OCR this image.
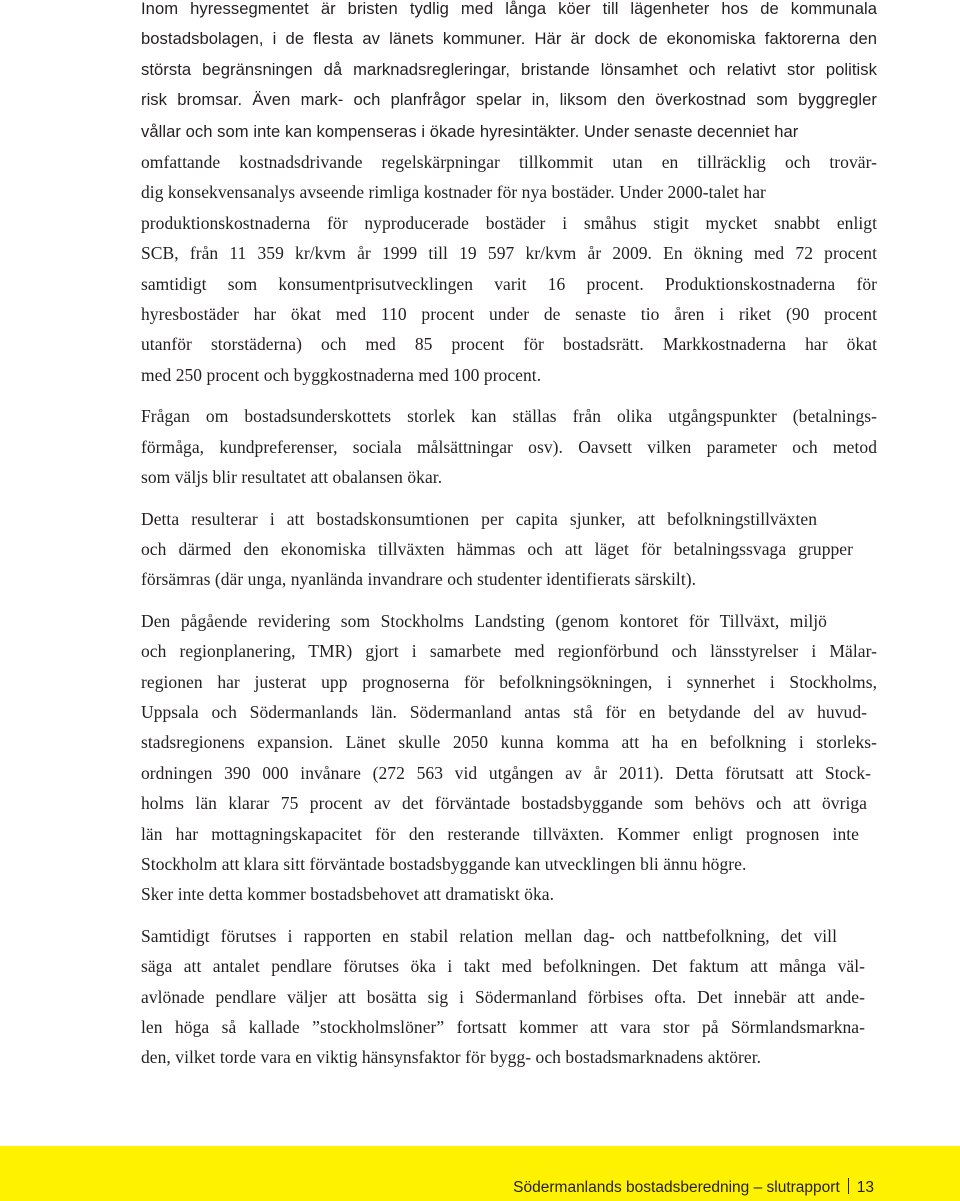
Inom hyressegmentet är bristen tydlig med långa köer till lägenheter hos de kommunala
bostadsbolagen, i de flesta av länets kommuner. Här är dock de ekonomiska faktorerna den
största begränsningen då marknadsregleringar, bristande lönsamhet och relativt stor politisk
risk bromsar. Även mark- och planfrågor spelar in, liksom den överkostnad som byggregler
vållar och som inte kan kompenseras i ökade hyresintäkter. Under senaste decenniet har
omfattande kostnadsdrivande regelskärpningar tillkommit utan en tillräcklig och trovär-
dig konsekvensanalys avseende rimliga kostnader för nya bostäder. Under 2000-talet har
produktionskostnaderna för nyproducerade bostäder i småhus stigit mycket snabbt enligt
SCB, från 11 359 kr/kvm år 1999 till 19 597 kr/kvm år 2009. En ökning med 72 procent
samtidigt som konsumentprisutvecklingen varit 16 procent. Produktionskostnaderna för
hyresbostäder har ökat med 110 procent under de senaste tio åren i riket (90 procent
utanför storstäderna) och med 85 procent för bostadsrätt. Markkostnaderna har ökat
med 250 procent och byggkostnaderna med 100 procent.

Frågan om bostadsunderskottets storlek kan ställas från olika utgångspunkter (betalnings-
förmåga, kundpreferenser, sociala målsättningar osv). Oavsett vilken parameter och metod
som väljs blir resultatet att obalansen ökar.

Detta resulterar i att bostadskonsumtionen per capita sjunker, att befolkningstillväxten
och därmed den ekonomiska tillväxten hämmas och att läget för betalningssvaga grupper
försämras (där unga, nyanlända invandrare och studenter identifierats särskilt).

Den pågående revidering som Stockholms Landsting (genom kontoret för Tillväxt, miljö
och regionplanering, TMR) gjort i samarbete med regionförbund och länsstyrelser i Mälar-
regionen har justerat upp prognoserna för befolkningsökningen, i synnerhet i Stockholms,
Uppsala och Södermanlands län. Södermanland antas stå för en betydande del av huvud-
stadsregionens expansion. Länet skulle 2050 kunna komma att ha en befolkning i storleks-
ordningen 390 000 invånare (272 563 vid utgången av år 2011). Detta förutsatt att Stock-
holms län klarar 75 procent av det förväntade bostadsbyggande som behövs och att övriga
län har mottagningskapacitet för den resterande tillväxten. Kommer enligt prognosen inte
Stockholm att klara sitt förväntade bostadsbyggande kan utvecklingen bli ännu högre.
Sker inte detta kommer bostadsbehovet att dramatiskt öka.

Samtidigt förutses i rapporten en stabil relation mellan dag- och nattbefolkning, det vill
säga att antalet pendlare förutses öka i takt med befolkningen. Det faktum att många väl-
avlönade pendlare väljer att bosätta sig i Södermanland förbises ofta. Det innebär att ande-
len höga så kallade ”stockholmslöner” fortsatt kommer att vara stor på Sörmlandsmarkna-
den, vilket torde vara en viktig hänsynsfaktor för bygg- och bostadsmarknadens aktörer.

Södermanlands bostadsberedning – slutrapport 13
